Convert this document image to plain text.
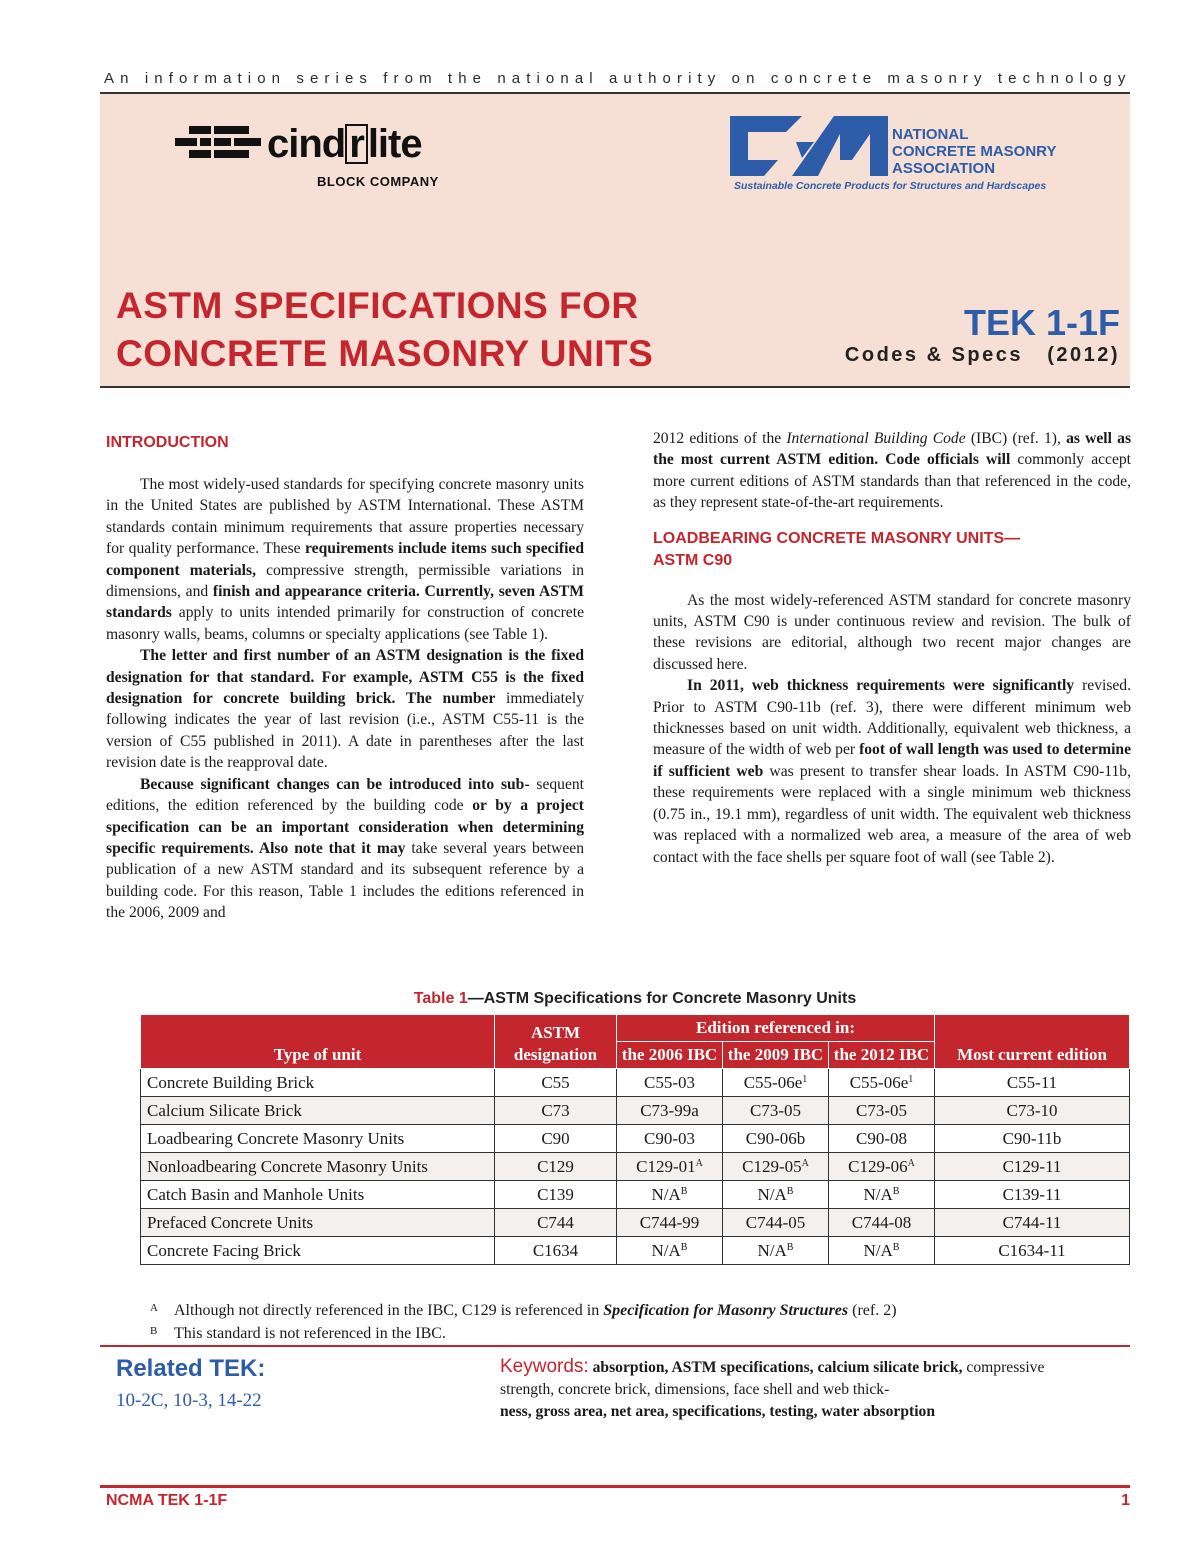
An information series from the national authority on concrete masonry technology
cind r lite
BLOCK COMPANY
NATIONAL
CONCRETE MASONRY
ASSOCIATION
Sustainable Concrete Products for Structures and Hardscapes
ASTM SPECIFICATIONS FOR
CONCRETE MASONRY UNITS
TEK 1-1F
Codes & Specs (2012)
INTRODUCTION

The most widely-used standards for specifying concrete masonry units in the United States are published by ASTM International. These ASTM standards contain minimum requirements that assure properties necessary for quality performance. These requirements include items such specified component materials, compressive strength, permissible variations in dimensions, and finish and appearance criteria. Currently, seven ASTM standards apply to units intended primarily for construction of concrete masonry walls, beams, columns or specialty applications (see Table 1).

The letter and first number of an ASTM designation is the fixed designation for that standard. For example, ASTM C55 is the fixed designation for concrete building brick. The number immediately following indicates the year of last revision (i.e., ASTM C55-11 is the version of C55 published in 2011). A date in parentheses after the last revision date is the reapproval date.

Because significant changes can be introduced into sub- sequent editions, the edition referenced by the building code or by a project specification can be an important consideration when determining specific requirements. Also note that it may take several years between publication of a new ASTM standard and its subsequent reference by a building code. For this reason, Table 1 includes the editions referenced in the 2006, 2009 and

2012 editions of the International Building Code (IBC) (ref. 1), as well as the most current ASTM edition. Code officials will commonly accept more current editions of ASTM standards than that referenced in the code, as they represent state-of-the-art requirements.

LOADBEARING CONCRETE MASONRY UNITS—
ASTM C90

As the most widely-referenced ASTM standard for concrete masonry units, ASTM C90 is under continuous review and revision. The bulk of these revisions are editorial, although two recent major changes are discussed here.

In 2011, web thickness requirements were significantly revised. Prior to ASTM C90-11b (ref. 3), there were different minimum web thicknesses based on unit width. Additionally, equivalent web thickness, a measure of the width of web per foot of wall length was used to determine if sufficient web was present to transfer shear loads. In ASTM C90-11b, these requirements were replaced with a single minimum web thickness (0.75 in., 19.1 mm), regardless of unit width. The equivalent web thickness was replaced with a normalized web area, a measure of the area of web contact with the face shells per square foot of wall (see Table 2).

Table 1—ASTM Specifications for Concrete Masonry Units
Type of unit	ASTM designation	Edition referenced in:			Most current edition
		the 2006 IBC	the 2009 IBC	the 2012 IBC	
Concrete Building Brick	C55	C55-03	$C55-06e^1$	$C55-06e^1$	C55-11
Calcium Silicate Brick	C73	C73-99a	C73-05	C73-05	C73-10
Loadbearing Concrete Masonry Units	C90	C90-03	C90-06b	C90-08	C90-11b
Nonloadbearing Concrete Masonry Units	C129	$C129-01^A$	$C129-05^A$	$C129-06^A$	C129-11
Catch Basin and Manhole Units	C139	$N/A^B$	$N/A^B$	$N/A^B$	C139-11
Prefaced Concrete Units	C744	C744-99	C744-05	C744-08	C744-11
Concrete Facing Brick	C1634	$N/A^B$	$N/A^B$	$N/A^B$	C1634-11
A Although not directly referenced in the IBC, C129 is referenced in Specification for Masonry Structures (ref. 2)
B This standard is not referenced in the IBC.
Related TEK:
10-2C, 10-3, 14-22
Keywords: absorption, ASTM specifications, calcium silicate brick, compressive strength, concrete brick, dimensions, face shell and web thick-
ness, gross area, net area, specifications, testing, water absorption
NCMA TEK 1-1F	1
